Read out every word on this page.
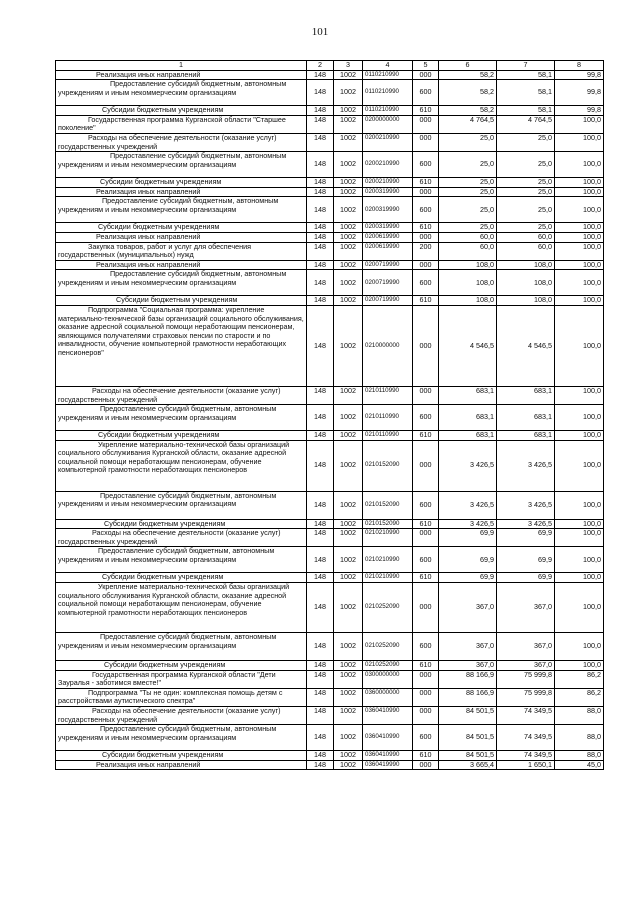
101
1	2	3	4	5	6	7	8
Реализация иных направлений	148	1002	0110210990	000	58,2	58,1	99,8
Предоставление субсидий бюджетным, автономным учреждениям и иным некоммерческим организациям	148	1002	0110210990	600	58,2	58,1	99,8
Субсидии бюджетным учреждениям	148	1002	0110210990	610	58,2	58,1	99,8
Государственная программа Курганской области "Старшее поколение"	148	1002	0200000000	000	4 764,5	4 764,5	100,0
Расходы на обеспечение деятельности (оказание услуг) государственных учреждений	148	1002	0200210990	000	25,0	25,0	100,0
Предоставление субсидий бюджетным, автономным учреждениям и иным некоммерческим организациям	148	1002	0200210990	600	25,0	25,0	100,0
Субсидии бюджетным учреждениям	148	1002	0200210990	610	25,0	25,0	100,0
Реализация иных направлений	148	1002	0200319990	000	25,0	25,0	100,0
Предоставление субсидий бюджетным, автономным учреждениям и иным некоммерческим организациям	148	1002	0200319990	600	25,0	25,0	100,0
Субсидии бюджетным учреждениям	148	1002	0200319990	610	25,0	25,0	100,0
Реализация иных направлений	148	1002	0200619990	000	60,0	60,0	100,0
Закупка товаров, работ и услуг для обеспечения государственных (муниципальных) нужд	148	1002	0200619990	200	60,0	60,0	100,0
Реализация иных направлений	148	1002	0200719990	000	108,0	108,0	100,0
Предоставление субсидий бюджетным, автономным учреждениям и иным некоммерческим организациям	148	1002	0200719990	600	108,0	108,0	100,0
Субсидии бюджетным учреждениям	148	1002	0200719990	610	108,0	108,0	100,0
Подпрограмма "Социальная программа: укрепление материально-технической базы организаций социального обслуживания, оказание адресной социальной помощи неработающим пенсионерам, являющимся получателями страховых пенсии по старости и по инвалидности, обучение компьютерной грамотности неработающих пенсионеров"	148	1002	0210000000	000	4 546,5	4 546,5	100,0
Расходы на обеспечение деятельности (оказание услуг) государственных учреждений	148	1002	0210110990	000	683,1	683,1	100,0
Предоставление субсидий бюджетным, автономным учреждениям и иным некоммерческим организациям	148	1002	0210110990	600	683,1	683,1	100,0
Субсидии бюджетным учреждениям	148	1002	0210110990	610	683,1	683,1	100,0
Укрепление материально-технической базы организаций социального обслуживания Курганской области, оказание адресной социальной помощи неработающим пенсионерам, обучение компьютерной грамотности неработающих пенсионеров	148	1002	0210152090	000	3 426,5	3 426,5	100,0
Предоставление субсидий бюджетным, автономным учреждениям и иным некоммерческим организациям	148	1002	0210152090	600	3 426,5	3 426,5	100,0
Субсидии бюджетным учреждениям	148	1002	0210152090	610	3 426,5	3 426,5	100,0
Расходы на обеспечение деятельности (оказание услуг) государственных учреждений	148	1002	0210210990	000	69,9	69,9	100,0
Предоставление субсидий бюджетным, автономным учреждениям и иным некоммерческим организациям	148	1002	0210210990	600	69,9	69,9	100,0
Субсидии бюджетным учреждениям	148	1002	0210210990	610	69,9	69,9	100,0
Укрепление материально-технической базы организаций социального обслуживания Курганской области, оказание адресной социальной помощи неработающим пенсионерам, обучение компьютерной грамотности неработающих пенсионеров	148	1002	0210252090	000	367,0	367,0	100,0
Предоставление субсидий бюджетным, автономным учреждениям и иным некоммерческим организациям	148	1002	0210252090	600	367,0	367,0	100,0
Субсидии бюджетным учреждениям	148	1002	0210252090	610	367,0	367,0	100,0
Государственная программа Курганской области "Дети Зауралья - заботимся вместе!"	148	1002	0300000000	000	88 166,9	75 999,8	86,2
Подпрограмма "Ты не один: комплексная помощь детям с расстройствами аутистического спектра"	148	1002	0360000000	000	88 166,9	75 999,8	86,2
Расходы на обеспечение деятельности (оказание услуг) государственных учреждений	148	1002	0360410990	000	84 501,5	74 349,5	88,0
Предоставление субсидий бюджетным, автономным учреждениям и иным некоммерческим организациям	148	1002	0360410990	600	84 501,5	74 349,5	88,0
Субсидии бюджетным учреждениям	148	1002	0360410990	610	84 501,5	74 349,5	88,0
Реализация иных направлений	148	1002	0360419990	000	3 665,4	1 650,1	45,0
